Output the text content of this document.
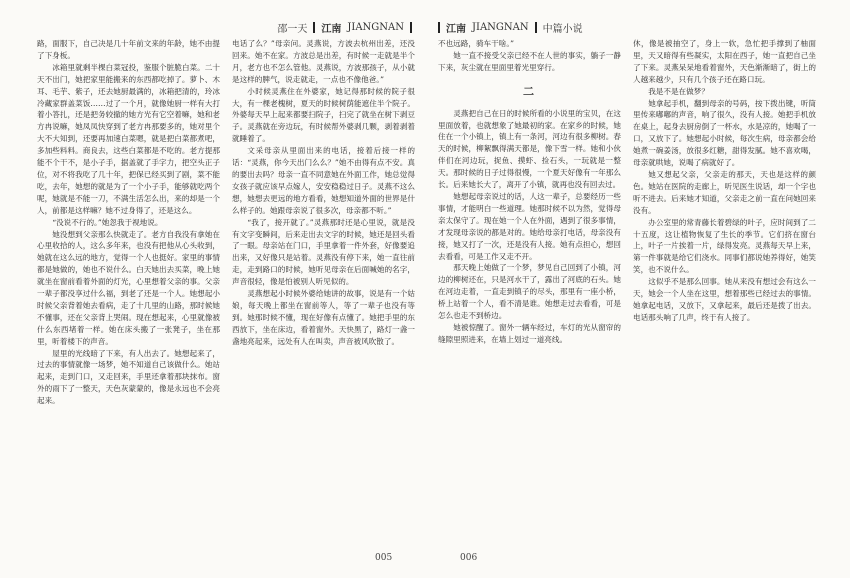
邵一天 江南 JIANGNAN	江南 JIANGNAN 中篇小说

路，面服下，自己决是几十年前文来的年龄，她不由提了下身板。

冰箱里就剩半棵白菜冠投，鉴服个脏脆白菜。二十天不出门，她把家里能搬来的东西都吃掉了。萝卜、木耳、毛芋、紫子，还去她厨最满的，冰箱把清的，玲冰冷藏家群盖菜饭……过了一个月，就像她厨一样有大打着小答扎，还是把务较撤的她方光有它空着嘛，她和老方冉说嘛，她凤凤快穿到了老方冉那要多的，她对里个大不大知到，还要再加速白菜嗯，就是把白菜都煮吧，多加些料料。商良去，这些白菜都是不吃的。老方提那能不个干不，是小子手，据盖就了手字力，把空头正子位，对不将我吃了几十年，把保已经买到了剧，菜不能吃，去年，她想的就是为了一个小子手，能够就吃两个呢，她就是不能一刀，不满生活怎么出，来的却是一个人，前都是这样嘛？她不过身得了，还是这么。

“没说不行的。”她忽我于视地说。

她没想到父亲那么快就走了。老方自我没有拿她在心里收拾的人，这么多年来，也没有把他从心头收到，她就在这么远的地方，觉得一个人也挺好。家里的事情都是她做的，她也不说什么。白天她出去买菜，晚上她就坐在窗前看着外面的灯光，心里想着父亲的事。父亲一辈子都没享过什么福，到老了还是一个人。她想起小时候父亲背着她去看病，走了十几里的山路，那时候她不懂事，还在父亲背上哭闹。现在想起来，心里就像被什么东西堵着一样。她在床头搬了一张凳子，坐在那里，听着楼下的声音。

屋里的光线暗了下来，有人出去了。她想起来了，过去的事情就像一场梦，她不知道自己该做什么。她站起来，走到门口，又走回来，手里还拿着那块抹布。窗外的雨下了一整天，天色灰蒙蒙的，像是永远也不会亮起来。

电话了么？”母亲问。灵燕说，方波去杭州出差，还没回来。她不在家。方波总是出差，有时候一走就是半个月，老方也不怎么管他。灵燕说，方波那孩子，从小就是这样的脾气，说走就走，一点也不像他爸。”

小时候灵燕住在外婆家，她记得那时候的院子很大，有一棵老槐树，夏天的时候树荫能遮住半个院子。外婆每天早上起来都要扫院子，扫完了就坐在树下剥豆子。灵燕就在旁边玩，有时候帮外婆剥几颗，剥着剥着就睡着了。

文采母亲从里面出来的电话，接着后接一样的话：“灵燕，你今天出门么么？”她不由得有点不安。真的要出去吗？母亲一直不同意她在外面工作，她总觉得女孩子就应该早点嫁人，安安稳稳过日子。灵燕不这么想，她想去更远的地方看看，她想知道外面的世界是什么样子的。她跟母亲说了很多次，母亲都不听。”

“我了，接开就了。”灵燕那时还是心里说，就是没有文字变瞬间，后来走出去文字的时候，她还是回头看了一眼。母亲站在门口，手里拿着一件外套，好像要追出来，又好像只是站着。灵燕没有停下来，她一直往前走，走到路口的时候，她听见母亲在后面喊她的名字，声音很轻，像是怕被别人听见似的。

灵燕想起小时候外婆给她讲的故事，说是有一个姑娘，每天晚上都坐在窗前等人，等了一辈子也没有等到。她那时候不懂，现在好像有点懂了。她把手里的东西放下，坐在床边，看着窗外。天快黑了，路灯一盏一盏地亮起来，远处有人在叫卖，声音被风吹散了。

不也远路，骑车干啥。”

她一直不接受父亲已经不在人世的事实，躺子一静下来，灰尘就在里面里着光里穿行。

二

灵燕把自己在日的时候所看的小说里的宝贝，在这里面放着，也就想象了她最初的家。在家乡的时候，她住在一个小镇上，镇上有一条河，河边有很多柳树。春天的时候，柳絮飘得满天都是，像下雪一样。她和小伙伴们在河边玩，捉鱼、摸虾、捡石头，一玩就是一整天。那时候的日子过得很慢，一个夏天好像有一年那么长。后来她长大了，离开了小镇，就再也没有回去过。

她想起母亲说过的话，人这一辈子，总要经历一些事情，才能明白一些道理。她那时候不以为然，觉得母亲太保守了。现在她一个人在外面，遇到了很多事情，才发现母亲说的都是对的。她给母亲打电话，母亲没有接，她又打了一次，还是没有人接。她有点担心，想回去看看，可是工作又走不开。

那天晚上她做了一个梦，梦见自己回到了小镇，河边的柳树还在，只是河水干了，露出了河底的石头。她在河边走着，一直走到镇子的尽头，那里有一座小桥，桥上站着一个人，看不清是谁。她想走过去看看，可是怎么也走不到桥边。

她被惊醒了。窗外一辆车经过，车灯的光从窗帘的缝隙里照进来，在墙上划过一道亮线。

休，像是被抽空了，身上一软，急忙把手撑到了柚面里，天又暗得有些凝实，太阳在西子，她一直把自己坐了下来。灵燕呆呆地看着窗外，天色渐渐暗了，街上的人越来越少，只有几个孩子还在路口玩。

我是不是在做梦？

她拿起手机，翻到母亲的号码，按下拨出键，听筒里传来嘟嘟的声音，响了很久，没有人接。她把手机放在桌上，起身去厨房倒了一杯水，水是凉的，她喝了一口，又放下了。她想起小时候，每次生病，母亲都会给她煮一碗姜汤，放很多红糖，甜得发腻。她不喜欢喝，母亲就哄她，说喝了病就好了。

她又想起父亲，父亲走的那天，天也是这样的颜色。她站在医院的走廊上，听见医生说话，却一个字也听不进去。后来她才知道，父亲走之前一直在问她回来没有。

办公室里的常青藤长着碧绿的叶子，应时间到了二十五度，这让植物恢复了生长的季节。它们挤在窗台上，叶子一片挨着一片，绿得发亮。灵燕每天早上来，第一件事就是给它们浇水。同事们都说她养得好，她笑笑，也不说什么。

这似乎不是那么回事。她从来没有想过会有这么一天，她会一个人坐在这里，想着那些已经过去的事情。她拿起电话，又放下，又拿起来，最后还是拨了出去。电话那头响了几声，终于有人接了。

005	006
